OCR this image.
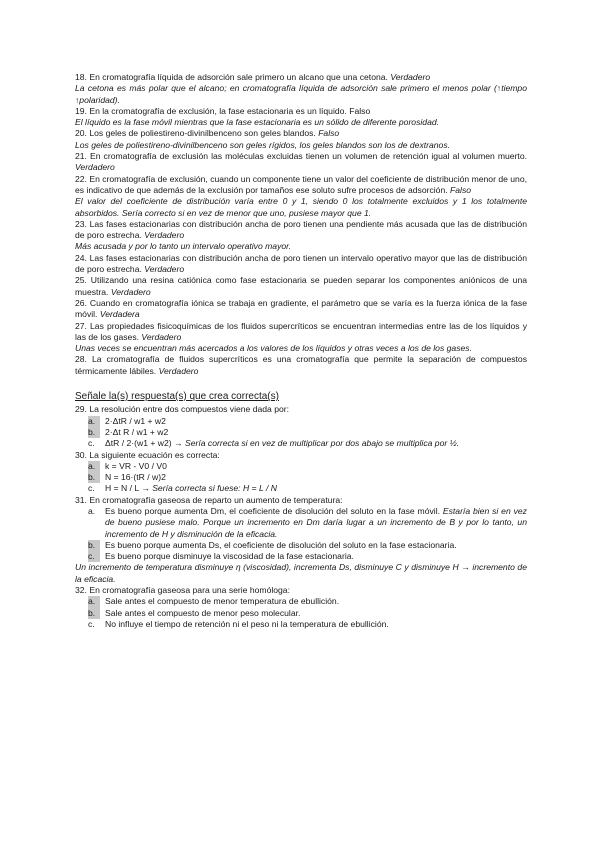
18. En cromatografía líquida de adsorción sale primero un alcano que una cetona. Verdadero

La cetona es más polar que el alcano; en cromatografía líquida de adsorción sale primero el menos polar (↑tiempo ↑polaridad).

19. En la cromatografía de exclusión, la fase estacionaria es un líquido. Falso

El líquido es la fase móvil mientras que la fase estacionaria es un sólido de diferente porosidad.

20. Los geles de poliestireno-divinilbenceno son geles blandos. Falso

Los geles de poliestireno-divinilbenceno son geles rígidos, los geles blandos son los de dextranos.

21. En cromatografía de exclusión las moléculas excluidas tienen un volumen de retención igual al volumen muerto. Verdadero

22. En cromatografía de exclusión, cuando un componente tiene un valor del coeficiente de distribución menor de uno, es indicativo de que además de la exclusión por tamaños ese soluto sufre procesos de adsorción. Falso

El valor del coeficiente de distribución varía entre 0 y 1, siendo 0 los totalmente excluidos y 1 los totalmente absorbidos. Sería correcto si en vez de menor que uno, pusiese mayor que 1.

23. Las fases estacionarias con distribución ancha de poro tienen una pendiente más acusada que las de distribución de poro estrecha. Verdadero

Más acusada y por lo tanto un intervalo operativo mayor.

24. Las fases estacionarias con distribución ancha de poro tienen un intervalo operativo mayor que las de distribución de poro estrecha. Verdadero

25. Utilizando una resina catiónica como fase estacionaria se pueden separar los componentes aniónicos de una muestra. Verdadero

26. Cuando en cromatografía iónica se trabaja en gradiente, el parámetro que se varía es la fuerza iónica de la fase móvil. Verdadera

27. Las propiedades fisicoquímicas de los fluidos supercríticos se encuentran intermedias entre las de los líquidos y las de los gases. Verdadero

Unas veces se encuentran más acercados a los valores de los líquidos y otras veces a los de los gases.

28. La cromatografía de fluidos supercríticos es una cromatografía que permite la separación de compuestos térmicamente lábiles. Verdadero

Señale la(s) respuesta(s) que crea correcta(s)

29. La resolución entre dos compuestos viene dada por:

a.	2·ΔtR / w1 + w2
b.	2·Δt R / w1 + w2
c.	ΔtR / 2·(w1 + w2) → Sería correcta si en vez de multiplicar por dos abajo se multiplica por ½.

30. La siguiente ecuación es correcta:

a.	k = VR - V0 / V0
b.	N = 16·(tR / w)2
c.	H = N / L → Sería correcta si fuese: H = L / N

31. En cromatografía gaseosa de reparto un aumento de temperatura:

a.	Es bueno porque aumenta Dm, el coeficiente de disolución del soluto en la fase móvil. Estaría bien si en vez de bueno pusiese malo. Porque un incremento en Dm daría lugar a un incremento de B y por lo tanto, un incremento de H y disminución de la eficacia.
b.	Es bueno porque aumenta Ds, el coeficiente de disolución del soluto en la fase estacionaria.
c.	Es bueno porque disminuye la viscosidad de la fase estacionaria.

Un incremento de temperatura disminuye η (viscosidad), incrementa Ds, disminuye C y disminuye H → incremento de la eficacia.

32. En cromatografía gaseosa para una serie homóloga:

a.	Sale antes el compuesto de menor temperatura de ebullición.
b.	Sale antes el compuesto de menor peso molecular.
c.	No influye el tiempo de retención ni el peso ni la temperatura de ebullición.
